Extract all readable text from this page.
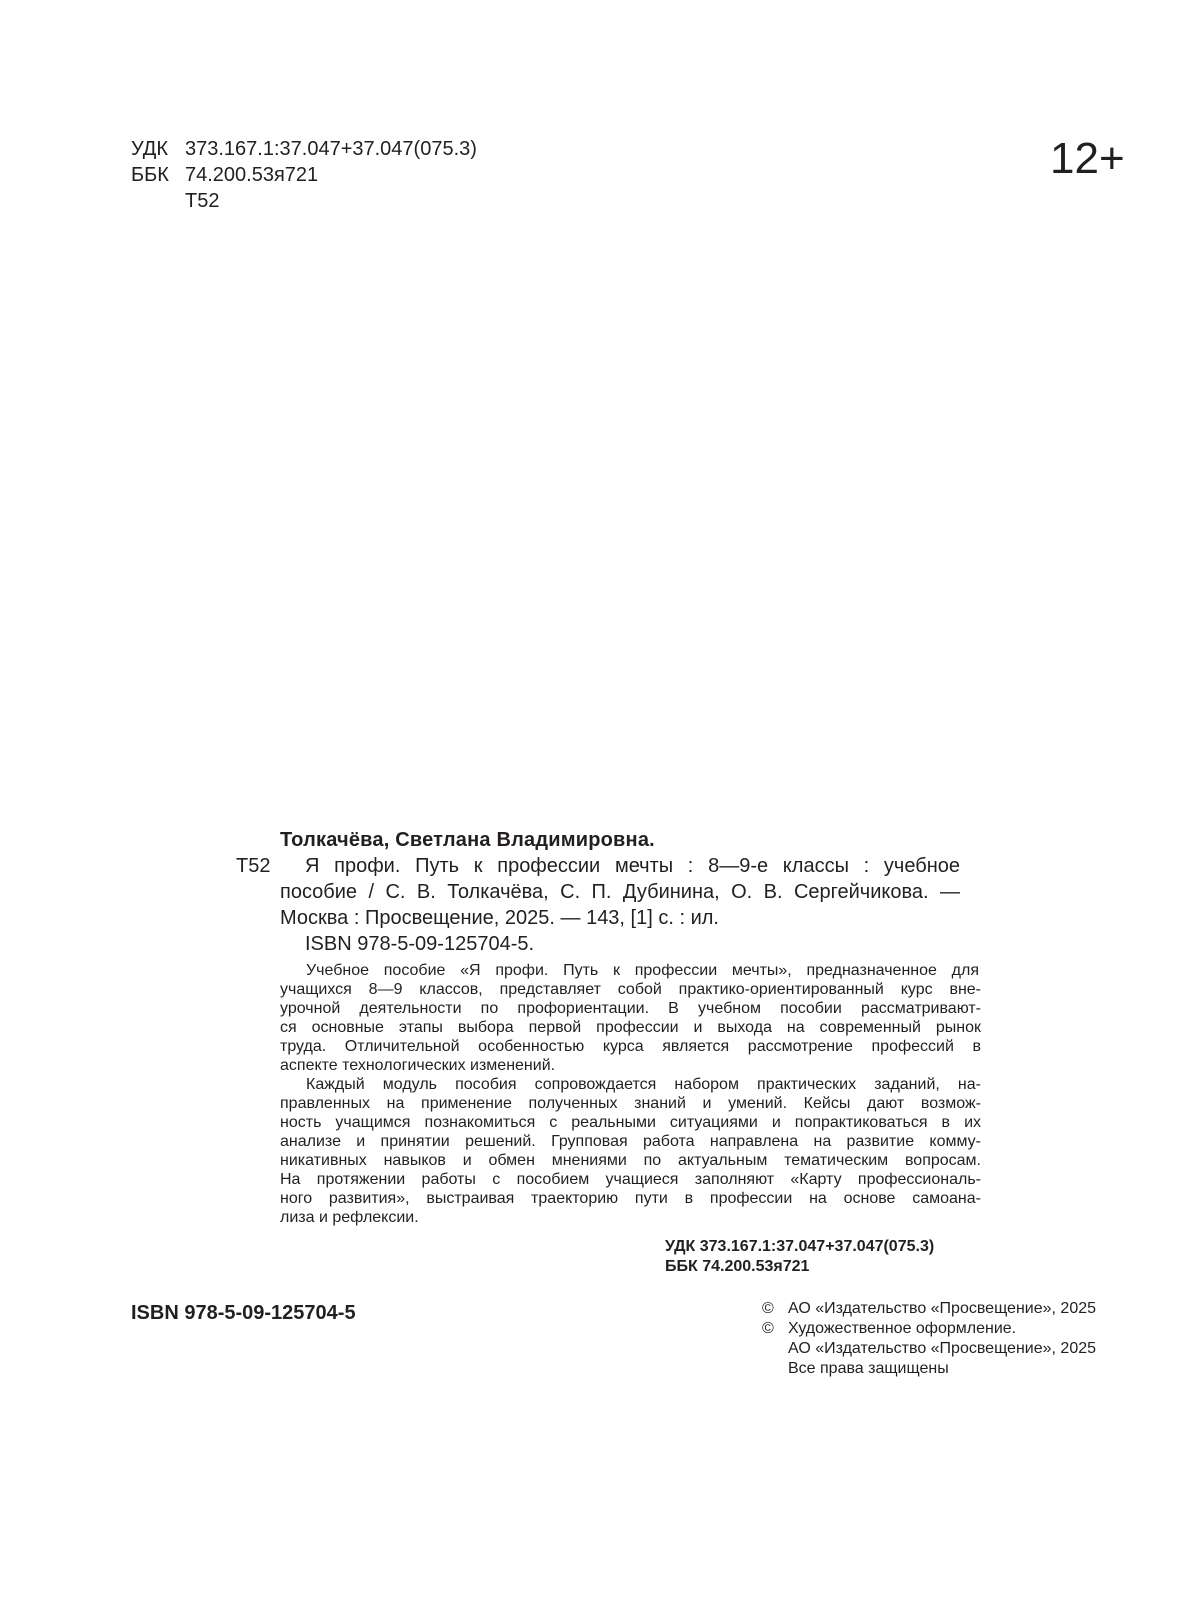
УДК 373.167.1:37.047+37.047(075.3)
ББК 74.200.53я721
Т52
12+
Толкачёва, Светлана Владимировна.
Т52 Я профи. Путь к профессии мечты : 8—9-е классы : учебное
пособие / С. В. Толкачёва, С. П. Дубинина, О. В. Сергейчикова. —
Москва : Просвещение, 2025. — 143, [1] с. : ил.
ISBN 978-5-09-125704-5.
Учебное пособие «Я профи. Путь к профессии мечты», предназначенное для
учащихся 8—9 классов, представляет собой практико-ориентированный курс вне-
урочной деятельности по профориентации. В учебном пособии рассматривают-
ся основные этапы выбора первой профессии и выхода на современный рынок
труда. Отличительной особенностью курса является рассмотрение профессий в
аспекте технологических изменений.
Каждый модуль пособия сопровождается набором практических заданий, на-
правленных на применение полученных знаний и умений. Кейсы дают возмож-
ность учащимся познакомиться с реальными ситуациями и попрактиковаться в их
анализе и принятии решений. Групповая работа направлена на развитие комму-
никативных навыков и обмен мнениями по актуальным тематическим вопросам.
На протяжении работы с пособием учащиеся заполняют «Карту профессиональ-
ного развития», выстраивая траекторию пути в профессии на основе самоана-
лиза и рефлексии.
УДК 373.167.1:37.047+37.047(075.3)
ББК 74.200.53я721
ISBN 978-5-09-125704-5	© АО «Издательство «Просвещение», 2025
© Художественное оформление.
АО «Издательство «Просвещение», 2025
Все права защищены
